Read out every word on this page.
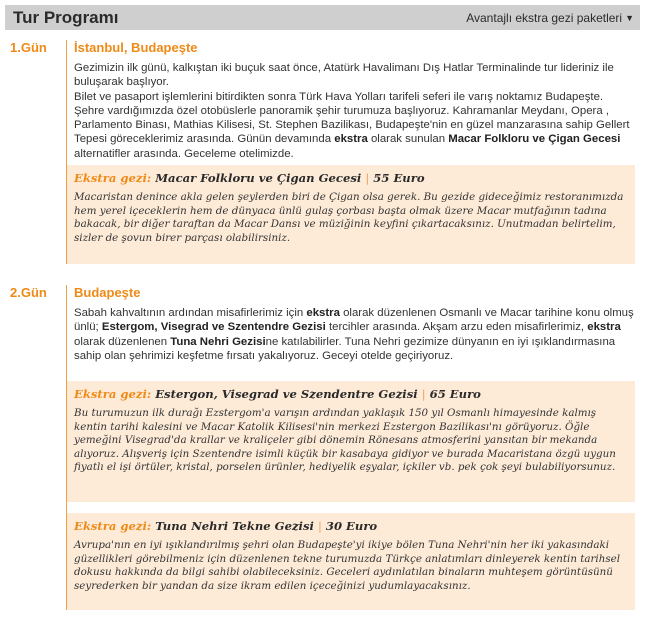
Tur Programı	Avantajlı ekstra gezi paketleri ▼
1.Gün İstanbul, Budapeşte
Gezimizin ilk günü, kalkıştan iki buçuk saat önce, Atatürk Havalimanı Dış Hatlar Terminalinde tur lideriniz ile buluşarak başlıyor.
Bilet ve pasaport işlemlerini bitirdikten sonra Türk Hava Yolları tarifeli seferi ile varış noktamız Budapeşte. Şehre vardığımızda özel otobüslerle panoramik şehir turumuza başlıyoruz. Kahramanlar Meydanı, Opera , Parlamento Binası, Mathias Kilisesi, St. Stephen Bazilikası, Budapeşte'nin en güzel manzarasına sahip Gellert Tepesi göreceklerimiz arasında. Günün devamında ekstra olarak sunulan Macar Folkloru ve Çigan Gecesi alternatifler arasında. Geceleme otelimizde.
Ekstra gezi: Macar Folkloru ve Çigan Gecesi | 55 Euro
Macaristan denince akla gelen şeylerden biri de Çigan olsa gerek. Bu gezide gideceğimiz restoranımızda hem yerel içeceklerin hem de dünyaca ünlü gulaş çorbası başta olmak üzere Macar mutfağının tadına bakacak, bir diğer taraftan da Macar Dansı ve müziğinin keyfini çıkartacaksınız. Unutmadan belirtelim, sizler de şovun birer parçası olabilirsiniz.
2.Gün Budapeşte
Sabah kahvaltının ardından misafirlerimiz için ekstra olarak düzenlenen Osmanlı ve Macar tarihine konu olmuş ünlü; Estergom, Visegrad ve Szentendre Gezisi tercihler arasında. Akşam arzu eden misafirlerimiz, ekstra olarak düzenlenen Tuna Nehri Gezisine katılabilirler. Tuna Nehri gezimize dünyanın en iyi ışıklandırmasına sahip olan şehrimizi keşfetme fırsatı yakalıyoruz. Geceyi otelde geçiriyoruz.
Ekstra gezi: Estergon, Visegrad ve Szendentre Gezisi | 65 Euro
Bu turumuzun ilk durağı Ezstergom'a varışın ardından yaklaşık 150 yıl Osmanlı himayesinde kalmış kentin tarihi kalesini ve Macar Katolik Kilisesi'nin merkezi Ezstergon Bazilikası'nı görüyoruz. Öğle yemeğini Visegrad'da krallar ve kraliçeler gibi dönemin Rönesans atmosferini yansıtan bir mekanda alıyoruz. Alışveriş için Szentendre isimli küçük bir kasabaya gidiyor ve burada Macaristana özgü uygun fiyatlı el işi örtüler, kristal, porselen ürünler, hediyelik eşyalar, içkiler vb. pek çok şeyi bulabiliyorsunuz.
Ekstra gezi: Tuna Nehri Tekne Gezisi | 30 Euro
Avrupa'nın en iyi ışıklandırılmış şehri olan Budapeşte'yi ikiye bölen Tuna Nehri'nin her iki yakasındaki güzellikleri görebilmeniz için düzenlenen tekne turumuzda Türkçe anlatımları dinleyerek kentin tarihsel dokusu hakkında da bilgi sahibi olabileceksiniz. Geceleri aydınlatılan binaların muhteşem görüntüsünü seyrederken bir yandan da size ikram edilen içeceğinizi yudumlayacaksınız.
